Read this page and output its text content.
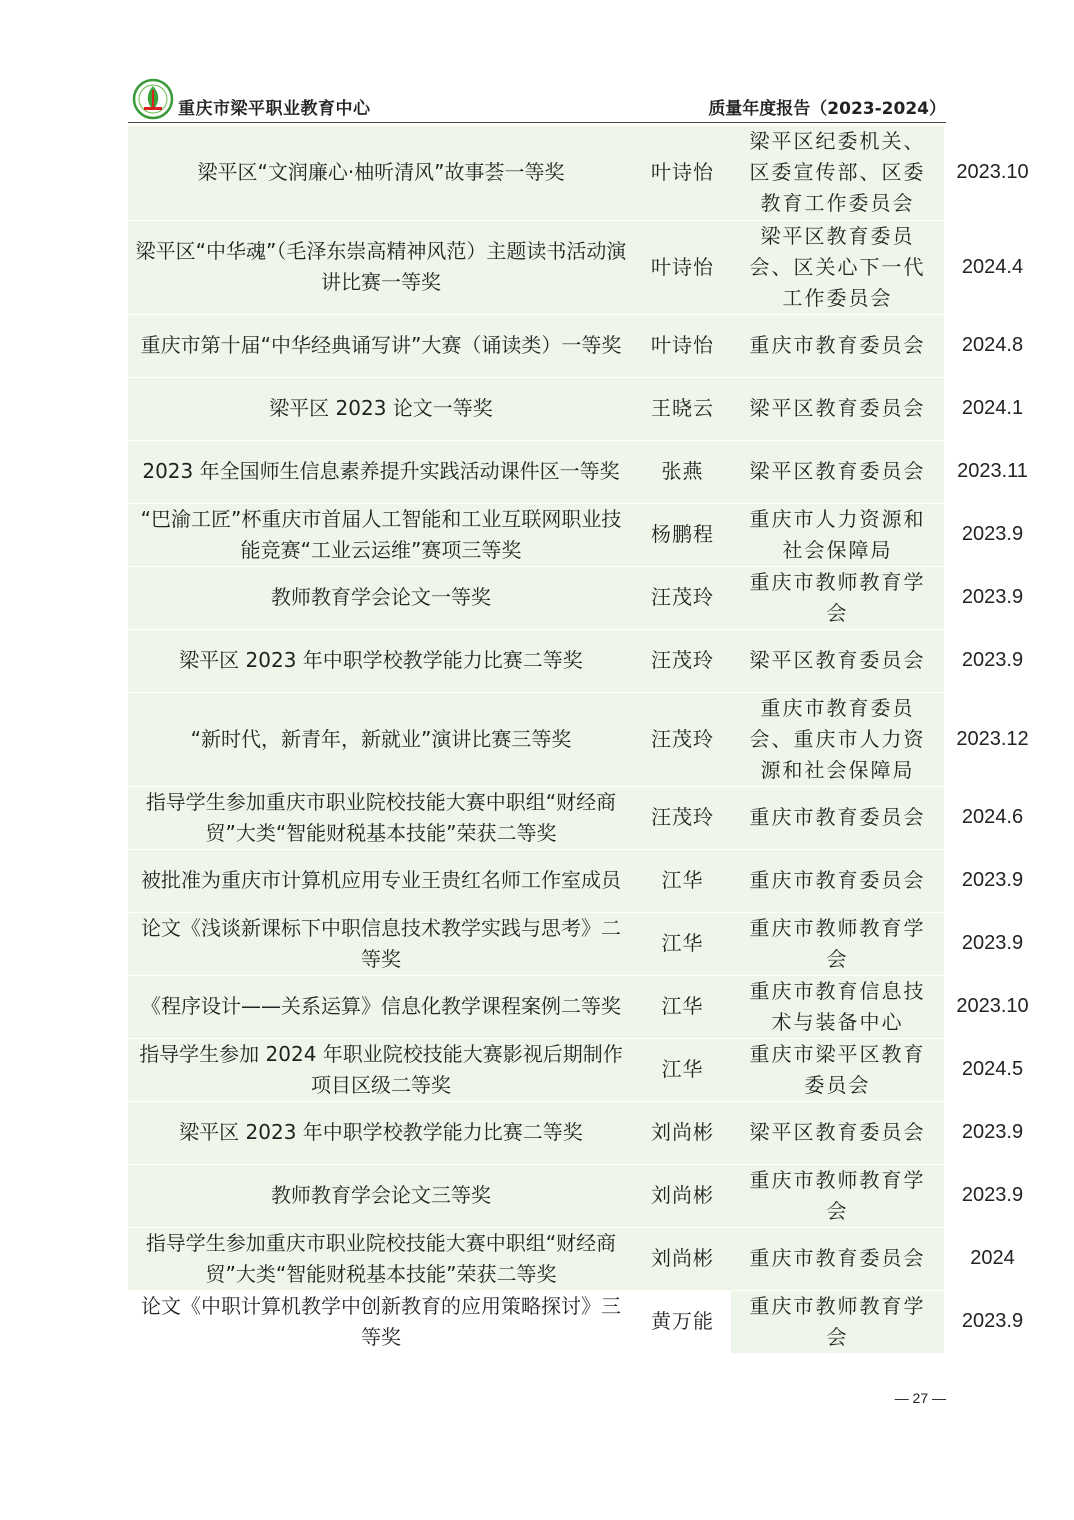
重庆市梁平职业教育中心	质量年度报告（2023-2024）
梁平区“文润廉心·柚听清风”故事荟一等奖	叶诗怡	梁平区纪委机关、区委宣传部、区委教育工作委员会	2023.10
梁平区“中华魂”（毛泽东崇高精神风范）主题读书活动演讲比赛一等奖	叶诗怡	梁平区教育委员会、区关心下一代工作委员会	2024.4
重庆市第十届“中华经典诵写讲”大赛（诵读类）一等奖	叶诗怡	重庆市教育委员会	2024.8
梁平区 2023 论文一等奖	王晓云	梁平区教育委员会	2024.1
2023 年全国师生信息素养提升实践活动课件区一等奖	张燕	梁平区教育委员会	2023.11
“巴渝工匠”杯重庆市首届人工智能和工业互联网职业技能竞赛“工业云运维”赛项三等奖	杨鹏程	重庆市人力资源和社会保障局	2023.9
教师教育学会论文一等奖	汪茂玲	重庆市教师教育学会	2023.9
梁平区 2023 年中职学校教学能力比赛二等奖	汪茂玲	梁平区教育委员会	2023.9
“新时代，新青年，新就业”演讲比赛三等奖	汪茂玲	重庆市教育委员会、重庆市人力资源和社会保障局	2023.12
指导学生参加重庆市职业院校技能大赛中职组“财经商贸”大类“智能财税基本技能”荣获二等奖	汪茂玲	重庆市教育委员会	2024.6
被批准为重庆市计算机应用专业王贵红名师工作室成员	江华	重庆市教育委员会	2023.9
论文《浅谈新课标下中职信息技术教学实践与思考》二等奖	江华	重庆市教师教育学会	2023.9
《程序设计——关系运算》信息化教学课程案例二等奖	江华	重庆市教育信息技术与装备中心	2023.10
指导学生参加 2024 年职业院校技能大赛影视后期制作项目区级二等奖	江华	重庆市梁平区教育委员会	2024.5
梁平区 2023 年中职学校教学能力比赛二等奖	刘尚彬	梁平区教育委员会	2023.9
教师教育学会论文三等奖	刘尚彬	重庆市教师教育学会	2023.9
指导学生参加重庆市职业院校技能大赛中职组“财经商贸”大类“智能财税基本技能”荣获二等奖	刘尚彬	重庆市教育委员会	2024
论文《中职计算机教学中创新教育的应用策略探讨》三等奖	黄万能	重庆市教师教育学会	2023.9
— 27 —
